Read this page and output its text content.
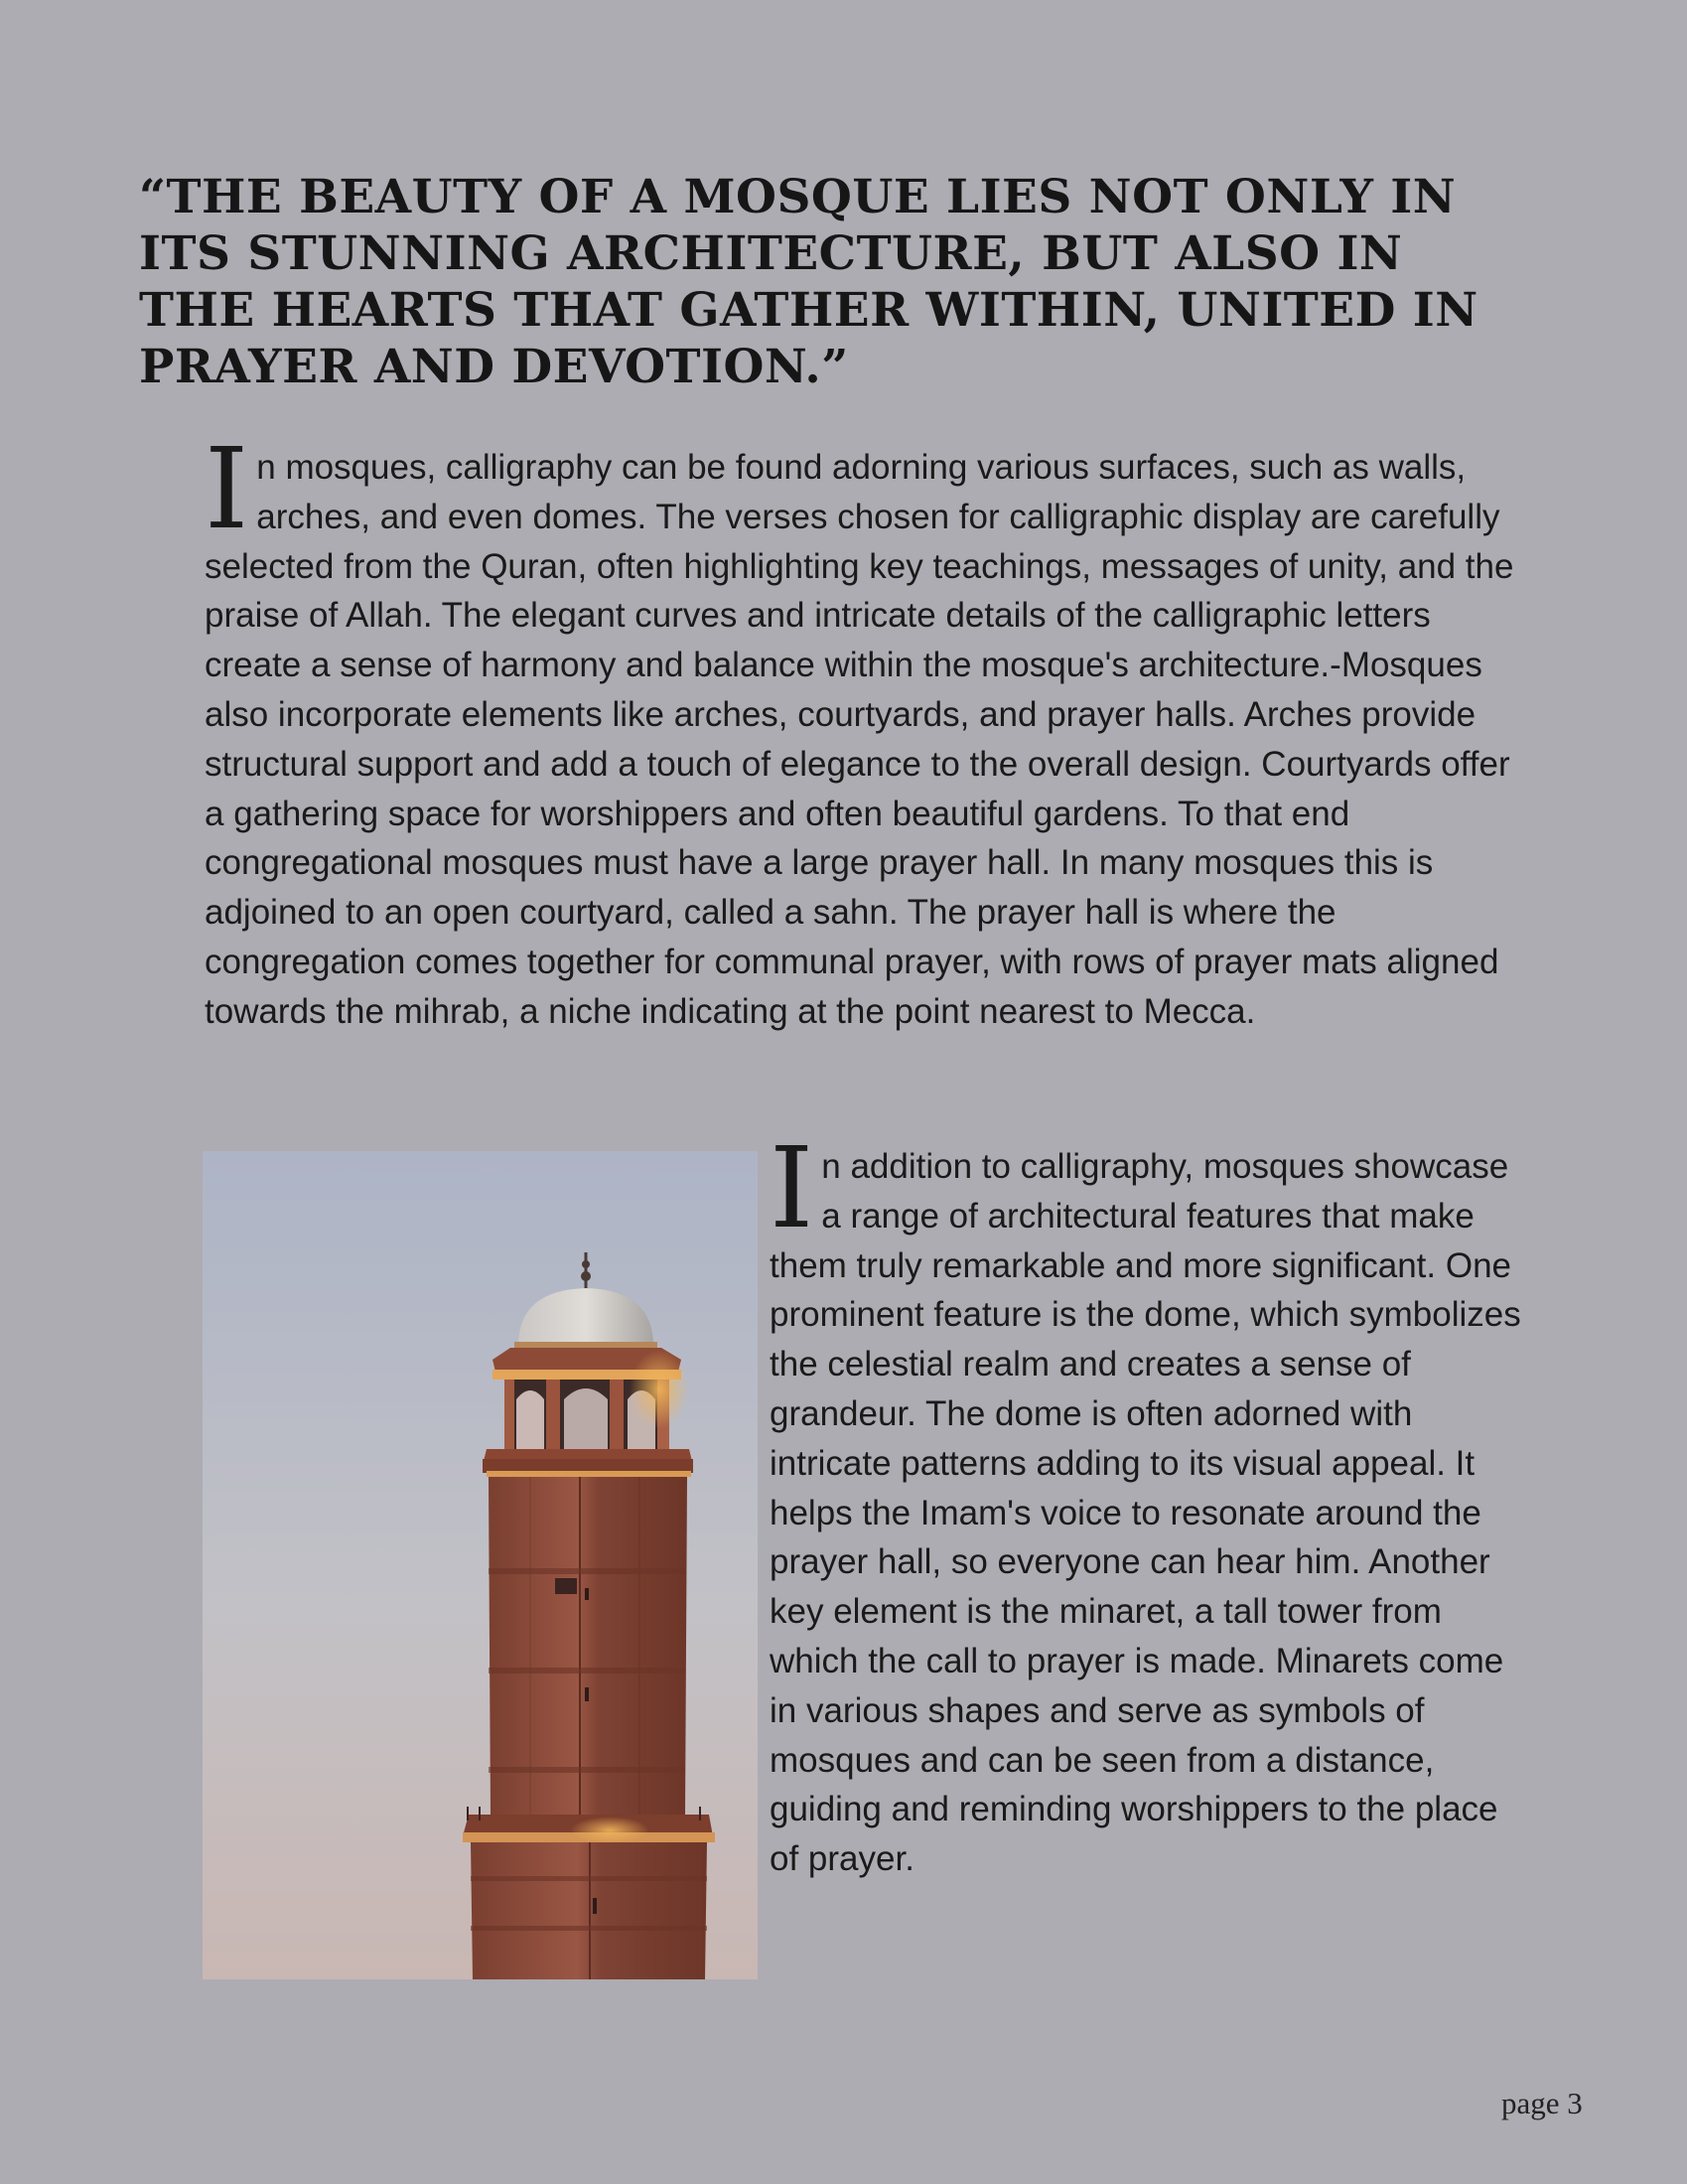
“THE BEAUTY OF A MOSQUE LIES NOT ONLY IN ITS STUNNING ARCHITECTURE, BUT ALSO IN THE HEARTS THAT GATHER WITHIN, UNITED IN PRAYER AND DEVOTION.”

In mosques, calligraphy can be found adorning various surfaces, such as walls, arches, and even domes. The verses chosen for calligraphic display are carefully selected from the Quran, often highlighting key teachings, messages of unity, and the praise of Allah. The elegant curves and intricate details of the calligraphic letters create a sense of harmony and balance within the mosque's architecture.-Mosques also incorporate elements like arches, courtyards, and prayer halls. Arches provide structural support and add a touch of elegance to the overall design. Courtyards offer a gathering space for worshippers and often beautiful gardens. To that end congregational mosques must have a large prayer hall. In many mosques this is adjoined to an open courtyard, called a sahn. The prayer hall is where the congregation comes together for communal prayer, with rows of prayer mats aligned towards the mihrab, a niche indicating at the point nearest to Mecca.

In addition to calligraphy, mosques showcase a range of architectural features that make them truly remarkable and more significant. One prominent feature is the dome, which symbolizes the celestial realm and creates a sense of grandeur. The dome is often adorned with intricate patterns adding to its visual appeal. It helps the Imam's voice to resonate around the prayer hall, so everyone can hear him. Another key element is the minaret, a tall tower from which the call to prayer is made. Minarets come in various shapes and serve as symbols of mosques and can be seen from a distance, guiding and reminding worshippers to the place of prayer.

page 3
